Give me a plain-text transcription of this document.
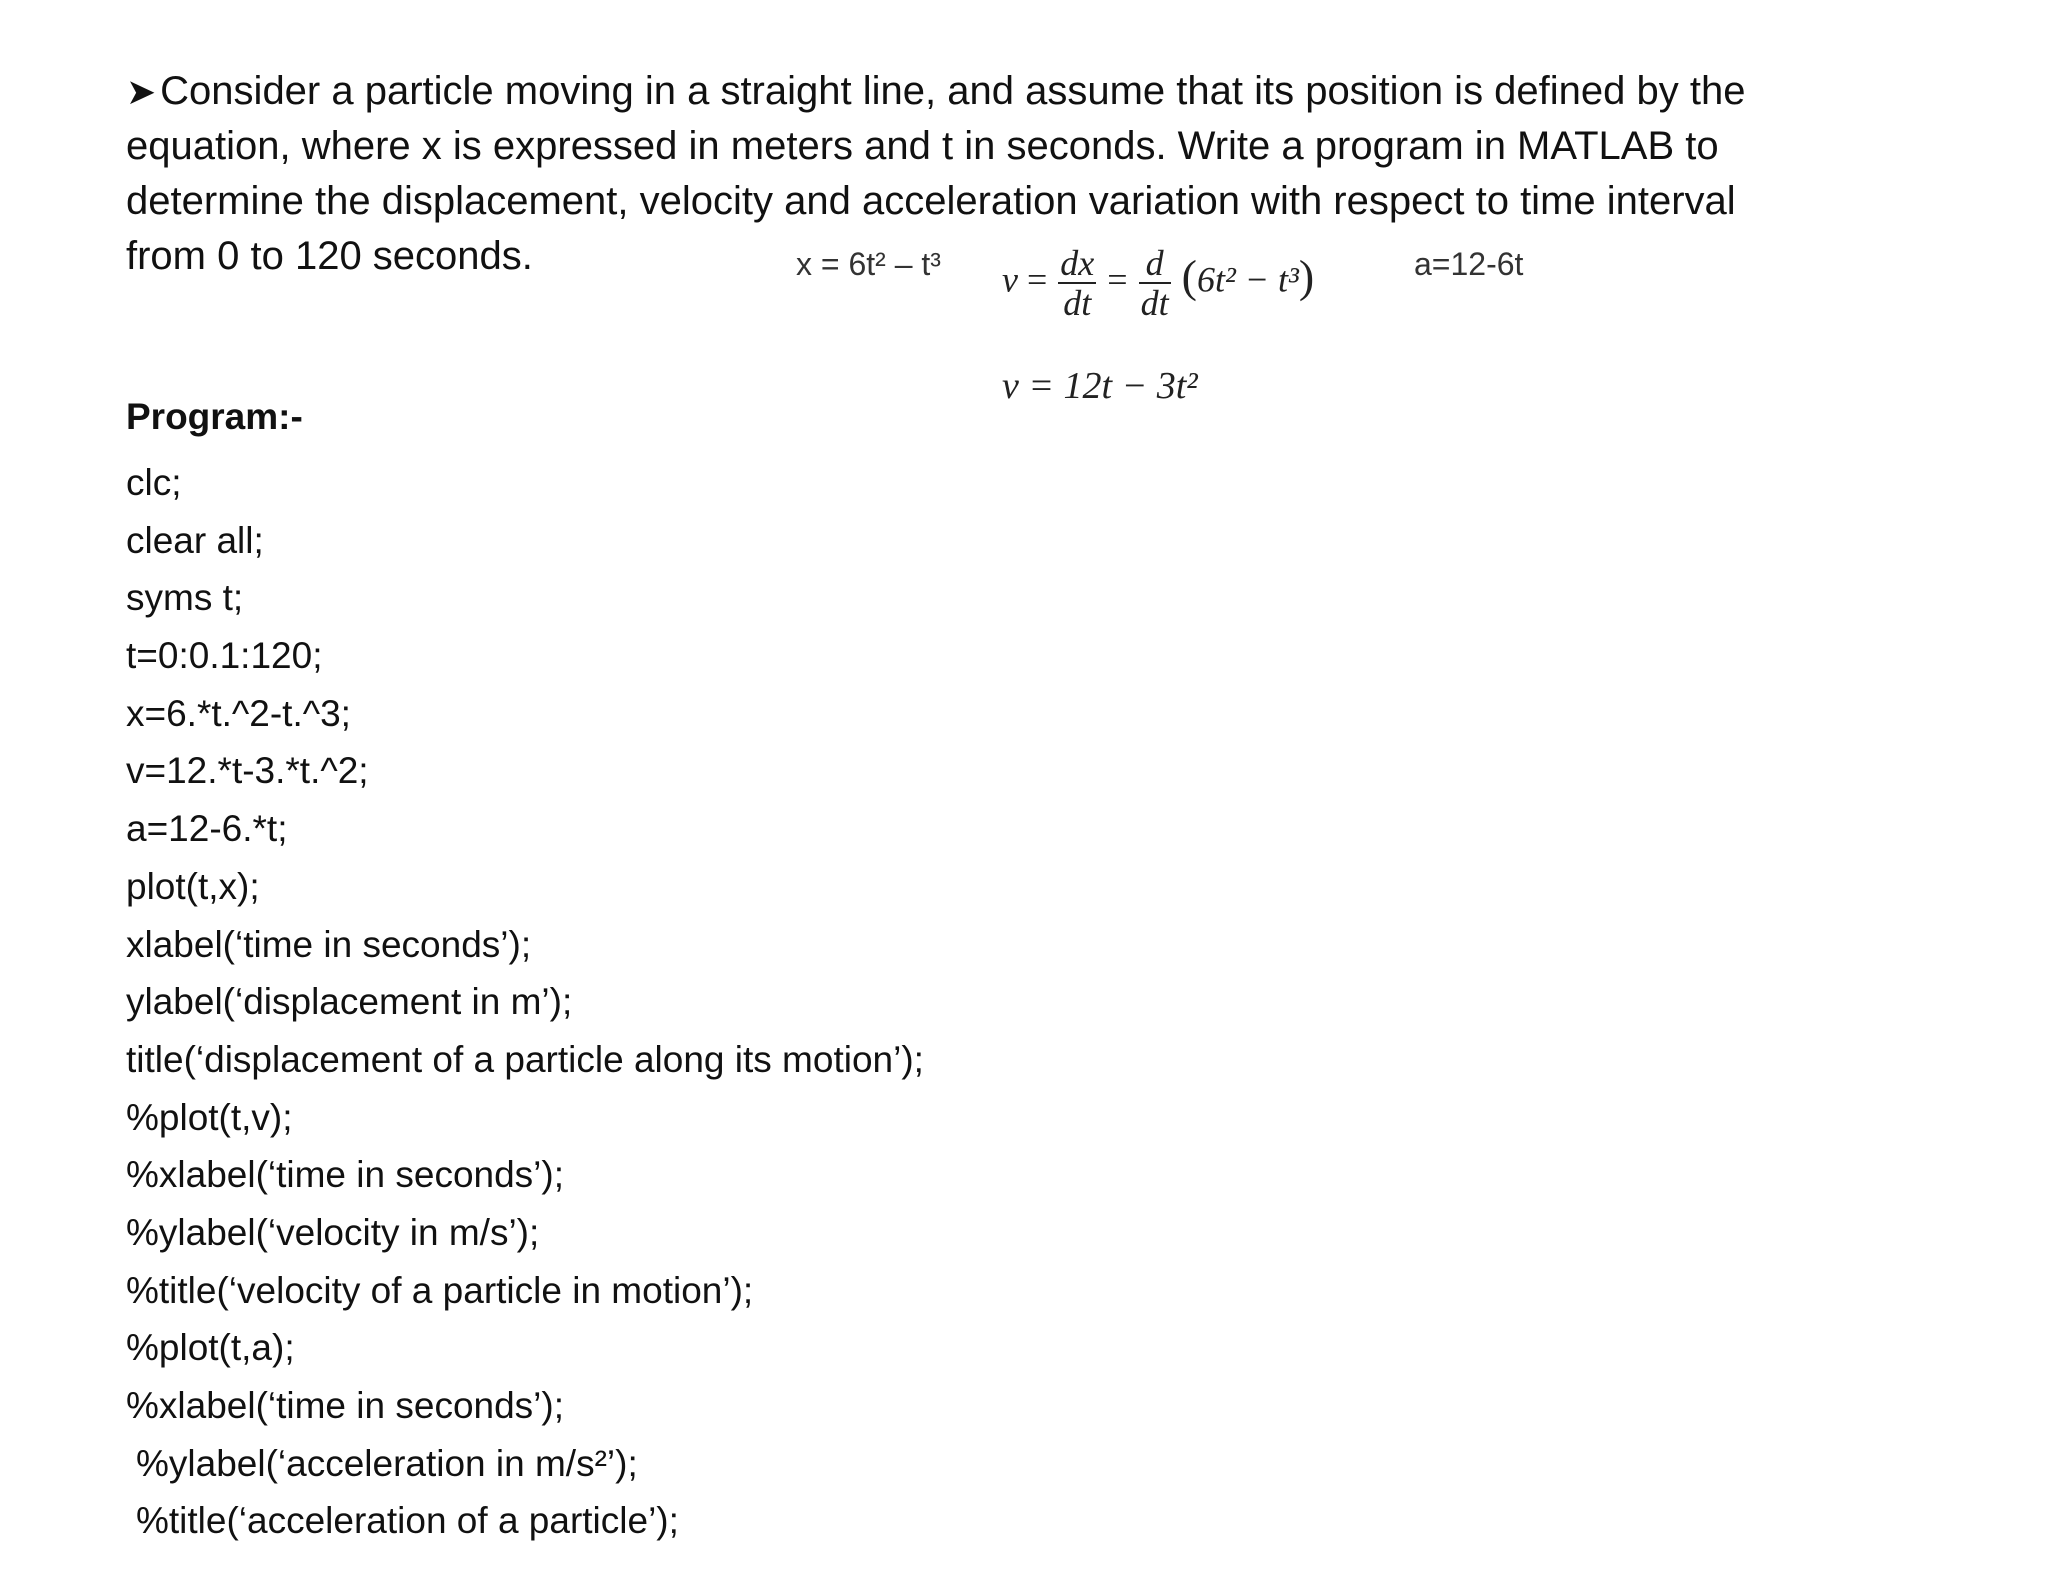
➤ Consider a particle moving in a straight line, and assume that its position is defined by the
equation, where x is expressed in meters and t in seconds. Write a program in MATLAB to
determine the displacement, velocity and acceleration variation with respect to time interval
from 0 to 120 seconds.	x = 6t² – t³ $v = \frac{dx}{dt} = \frac{d}{dt} (6t^2 - t^3)$
v = 12t − 3t²
a=12-6t
Program:-
clc;
clear all;
syms t;
t=0:0.1:120;
x=6.*t.^2-t.^3;
v=12.*t-3.*t.^2;
a=12-6.*t;
plot(t,x);
xlabel(‘time in seconds’);
ylabel(‘displacement in m’);
title(‘displacement of a particle along its motion’);
%plot(t,v);
%xlabel(‘time in seconds’);
%ylabel(‘velocity in m/s’);
%title(‘velocity of a particle in motion’);
%plot(t,a);
%xlabel(‘time in seconds’);
%ylabel(‘acceleration in m/s²’);
%title(‘acceleration of a particle’);
